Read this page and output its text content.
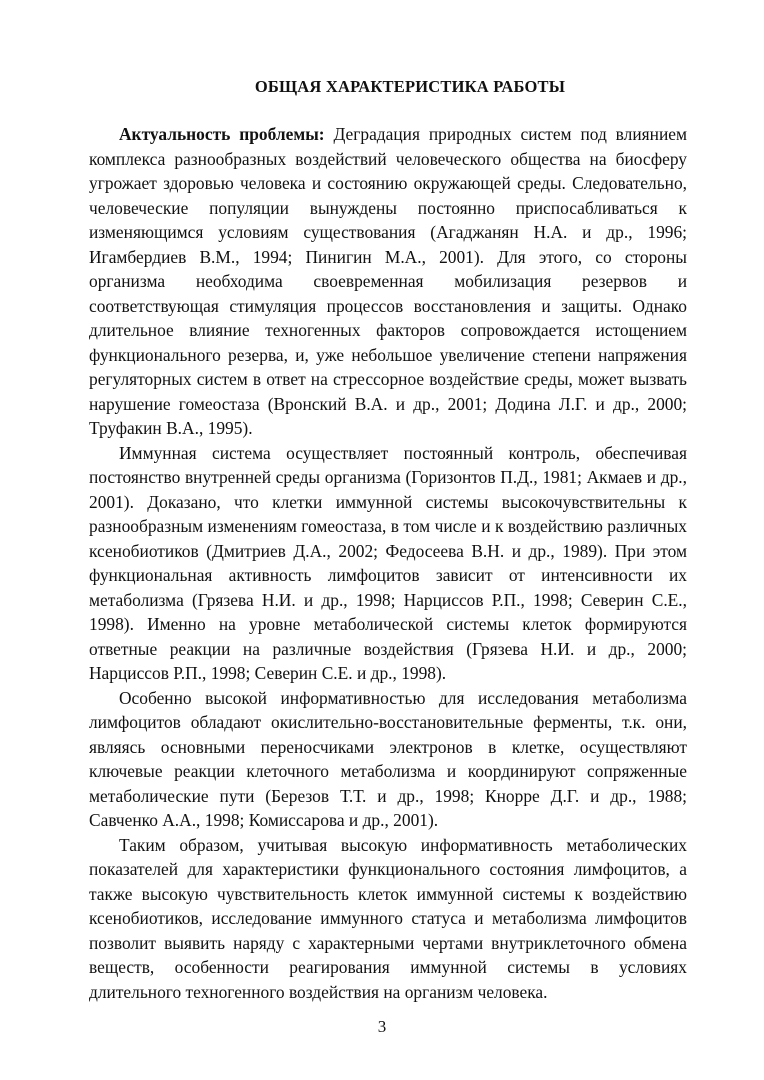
ОБЩАЯ ХАРАКТЕРИСТИКА РАБОТЫ

Актуальность проблемы: Деградация природных систем под влиянием комплекса разнообразных воздействий человеческого общества на биосферу угрожает здоровью человека и состоянию окружающей среды. Следовательно, человеческие популяции вынуждены постоянно приспосабливаться к изменяющимся условиям существования (Агаджанян Н.А. и др., 1996; Игамбердиев В.М., 1994; Пинигин М.А., 2001). Для этого, со стороны организма необходима своевременная мобилизация резервов и соответствующая стимуляция процессов восстановления и защиты. Однако длительное влияние техногенных факторов сопровождается истощением функционального резерва, и, уже небольшое увеличение степени напряжения регуляторных систем в ответ на стрессорное воздействие среды, может вызвать нарушение гомеостаза (Вронский В.А. и др., 2001; Додина Л.Г. и др., 2000; Труфакин В.А., 1995).

Иммунная система осуществляет постоянный контроль, обеспечивая постоянство внутренней среды организма (Горизонтов П.Д., 1981; Акмаев и др., 2001). Доказано, что клетки иммунной системы высокочувствительны к разнообразным изменениям гомеостаза, в том числе и к воздействию различных ксенобиотиков (Дмитриев Д.А., 2002; Федосеева В.Н. и др., 1989). При этом функциональная активность лимфоцитов зависит от интенсивности их метаболизма (Грязева Н.И. и др., 1998; Нарциссов Р.П., 1998; Северин С.Е., 1998). Именно на уровне метаболической системы клеток формируются ответные реакции на различные воздействия (Грязева Н.И. и др., 2000; Нарциссов Р.П., 1998; Северин С.Е. и др., 1998).

Особенно высокой информативностью для исследования метаболизма лимфоцитов обладают окислительно-восстановительные ферменты, т.к. они, являясь основными переносчиками электронов в клетке, осуществляют ключевые реакции клеточного метаболизма и координируют сопряженные метаболические пути (Березов Т.Т. и др., 1998; Кнорре Д.Г. и др., 1988; Савченко А.А., 1998; Комиссарова и др., 2001).

Таким образом, учитывая высокую информативность метаболических показателей для характеристики функционального состояния лимфоцитов, а также высокую чувствительность клеток иммунной системы к воздействию ксенобиотиков, исследование иммунного статуса и метаболизма лимфоцитов позволит выявить наряду с характерными чертами внутриклеточного обмена веществ, особенности реагирования иммунной системы в условиях длительного техногенного воздействия на организм человека.

3
